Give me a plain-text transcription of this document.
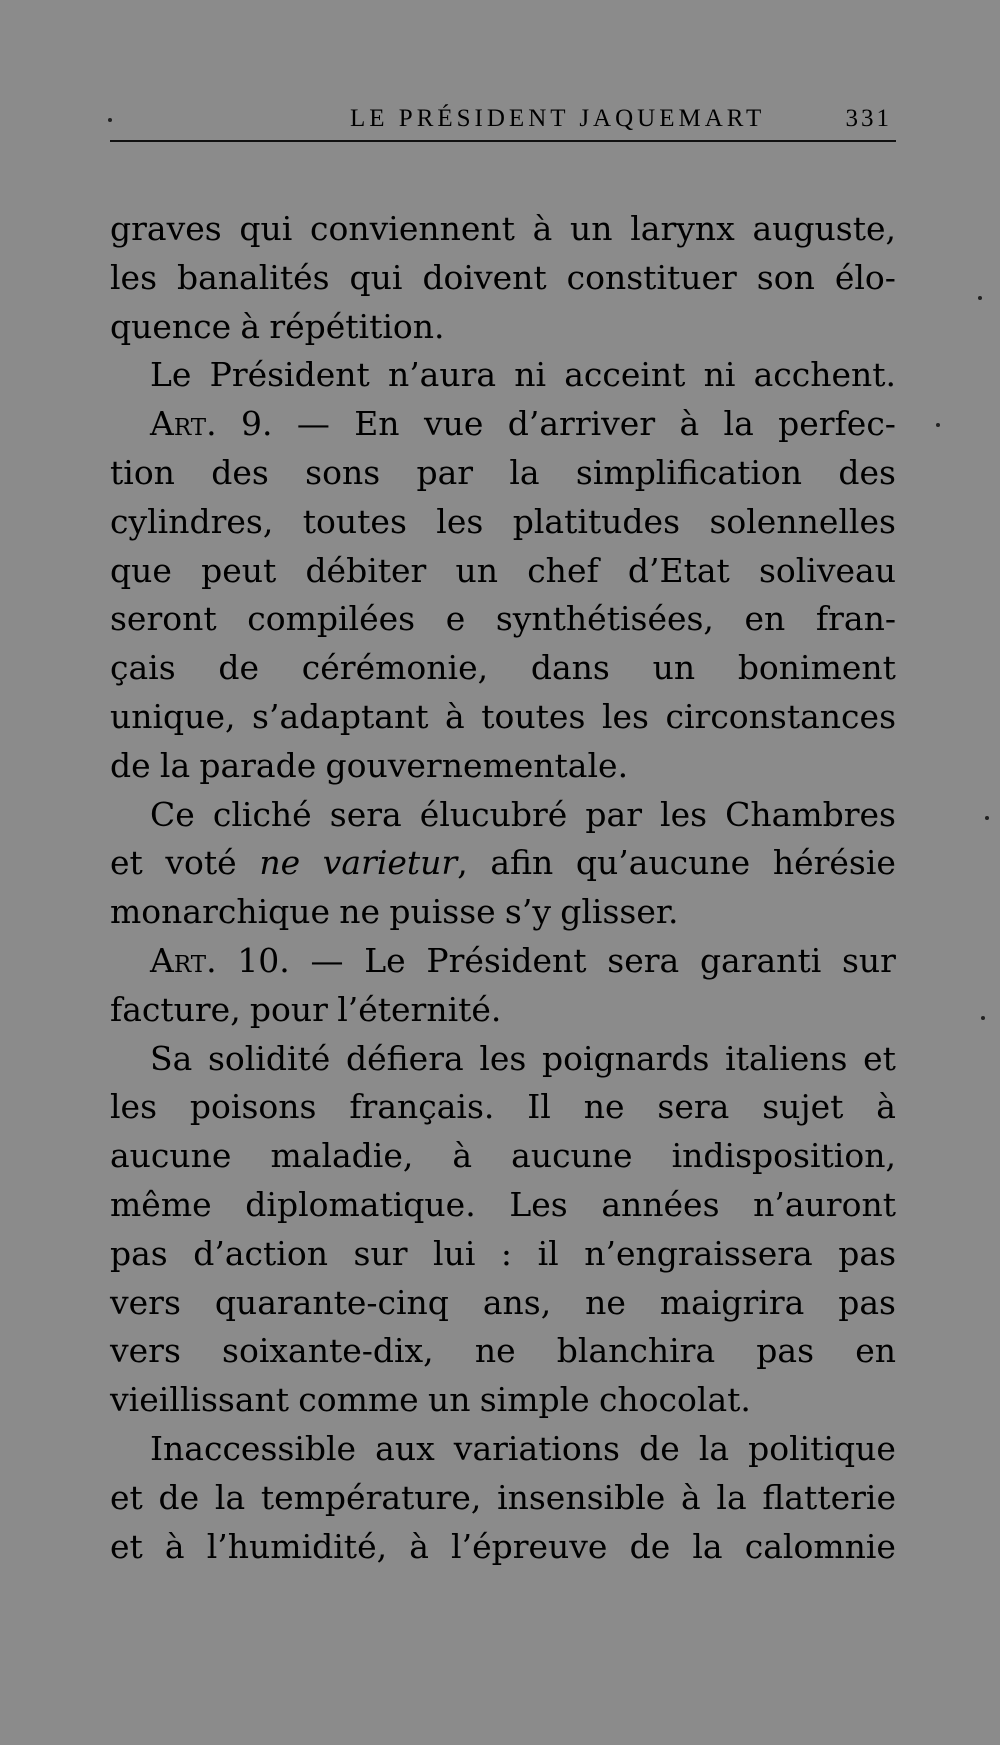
LE PRÉSIDENT JAQUEMART	331
graves qui conviennent à un larynx auguste,
les banalités qui doivent constituer son élo-
quence à répétition.
Le Président n’aura ni acceint ni acchent.
Art. 9. — En vue d’arriver à la perfec-
tion des sons par la simplification des
cylindres, toutes les platitudes solennelles
que peut débiter un chef d’Etat soliveau
seront compilées e synthétisées, en fran-
çais de cérémonie, dans un boniment
unique, s’adaptant à toutes les circonstances
de la parade gouvernementale.
Ce cliché sera élucubré par les Chambres
et voté ne varietur, afin qu’aucune hérésie
monarchique ne puisse s’y glisser.
Art. 10. — Le Président sera garanti sur
facture, pour l’éternité.
Sa solidité défiera les poignards italiens et
les poisons français. Il ne sera sujet à
aucune maladie, à aucune indisposition,
même diplomatique. Les années n’auront
pas d’action sur lui : il n’engraissera pas
vers quarante-cinq ans, ne maigrira pas
vers soixante-dix, ne blanchira pas en
vieillissant comme un simple chocolat.
Inaccessible aux variations de la politique
et de la température, insensible à la flatterie
et à l’humidité, à l’épreuve de la calomnie
